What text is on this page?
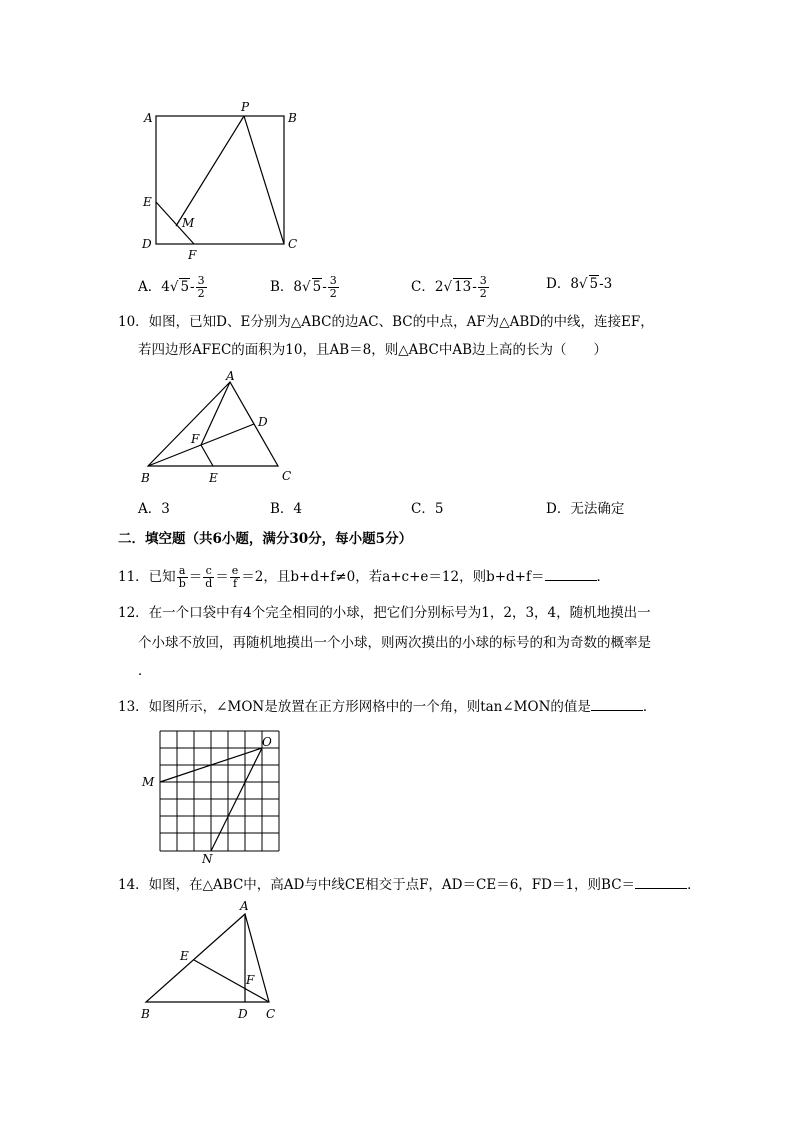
A
P
B
E
M
D
F
C
A．4√ $5- \frac{3}{2}$	B．8√ $5- \frac{3}{2}$	C．2√ $13- \frac{3}{2}$	D．8√ 5-3
10．如图，已知D、E分别为△ABC的边AC、BC的中点，AF为△ABD的中线，连接EF，
若四边形AFEC的面积为10，且AB＝8，则△ABC中AB边上高的长为（　　）
A
D
F
B	E	C
A．3	B．4	C．5	D．无法确定
二．填空题（共6小题，满分30分，每小题5分）
11．已知 $\frac{a}{b} = \frac{c}{d} = \frac{e}{f} =2$，且b+d+f≠0，若a+c+e＝12，则b+d+f＝	．
12．在一个口袋中有4个完全相同的小球，把它们分别标号为1，2，3，4，随机地摸出一
个小球不放回，再随机地摸出一个小球，则两次摸出的小球的标号的和为奇数的概率是
．
13．如图所示，∠MON是放置在正方形网格中的一个角，则tan∠MON的值是	．
O
M
N
14．如图，在△ABC中，高AD与中线CE相交于点F，AD＝CE＝6，FD＝1，则BC＝	．
A
E
F
B	D C
